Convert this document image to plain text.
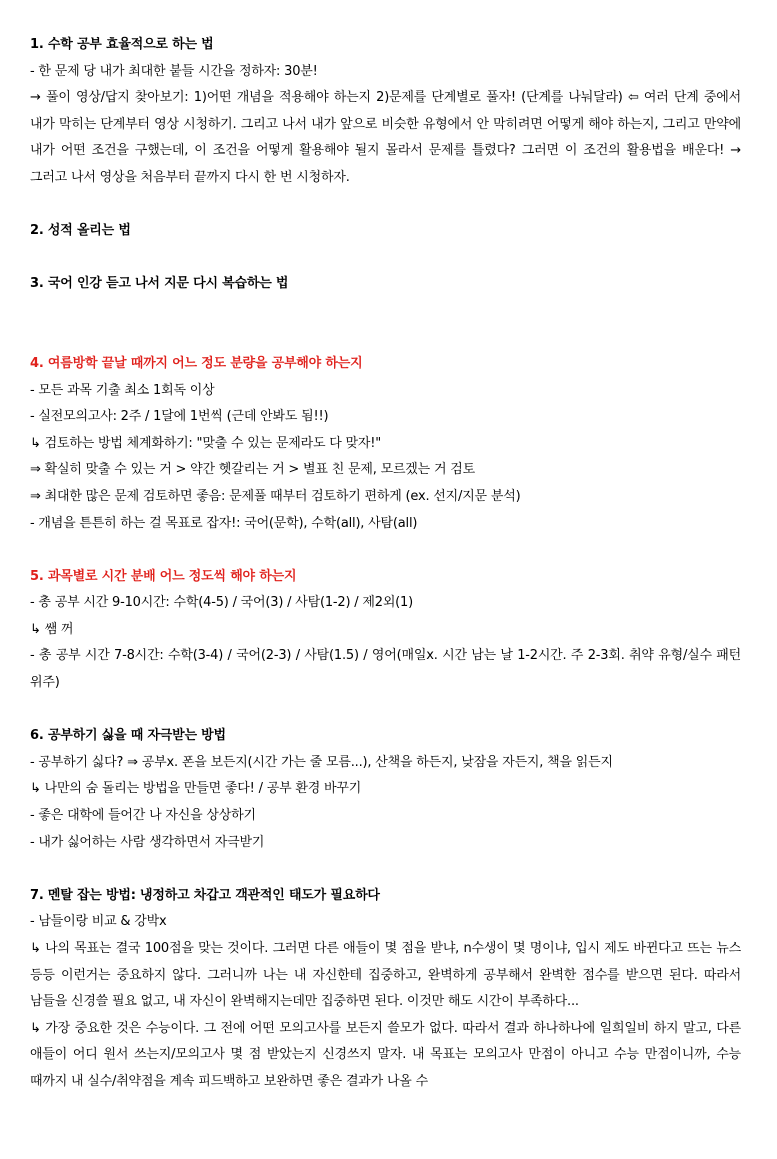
1. 수학 공부 효율적으로 하는 법
- 한 문제 당 내가 최대한 붙들 시간을 정하자: 30분!
→ 풀이 영상/답지 찾아보기: 1)어떤 개념을 적용해야 하는지 2)문제를 단계별로 풀자! (단계를 나눠달라) ⇦ 여러 단계 중에서 내가 막히는 단계부터 영상 시청하기. 그리고 나서 내가 앞으로 비슷한 유형에서 안 막히려면 어떻게 해야 하는지, 그리고 만약에 내가 어떤 조건을 구했는데, 이 조건을 어떻게 활용해야 될지 몰라서 문제를 틀렸다? 그러면 이 조건의 활용법을 배운다! → 그러고 나서 영상을 처음부터 끝까지 다시 한 번 시청하자.
2. 성적 올리는 법
3. 국어 인강 듣고 나서 지문 다시 복습하는 법
4. 여름방학 끝날 때까지 어느 정도 분량을 공부해야 하는지
- 모든 과목 기출 최소 1회독 이상
- 실전모의고사: 2주 / 1달에 1번씩 (근데 안봐도 됨!!)
↳ 검토하는 방법 체계화하기: "맞출 수 있는 문제라도 다 맞자!"
⇒ 확실히 맞출 수 있는 거 > 약간 헷갈리는 거 > 별표 친 문제, 모르겠는 거 검토
⇒ 최대한 많은 문제 검토하면 좋음: 문제풀 때부터 검토하기 편하게 (ex. 선지/지문 분석)
- 개념을 튼튼히 하는 걸 목표로 잡자!: 국어(문학), 수학(all), 사탐(all)
5. 과목별로 시간 분배 어느 정도씩 해야 하는지
- 총 공부 시간 9-10시간: 수학(4-5) / 국어(3) / 사탐(1-2) / 제2외(1)
↳ 쌤 꺼
- 총 공부 시간 7-8시간: 수학(3-4) / 국어(2-3) / 사탐(1.5) / 영어(매일x. 시간 남는 날 1-2시간. 주 2-3회. 취약 유형/실수 패턴 위주)
6. 공부하기 싫을 때 자극받는 방법
- 공부하기 싫다? ⇒ 공부x. 폰을 보든지(시간 가는 줄 모름...), 산책을 하든지, 낮잠을 자든지, 책을 읽든지
↳ 나만의 숨 돌리는 방법을 만들면 좋다! / 공부 환경 바꾸기
- 좋은 대학에 들어간 나 자신을 상상하기
- 내가 싫어하는 사람 생각하면서 자극받기
7. 멘탈 잡는 방법: 냉정하고 차갑고 객관적인 태도가 필요하다
- 남들이랑 비교 & 강박x
↳ 나의 목표는 결국 100점을 맞는 것이다. 그러면 다른 애들이 몇 점을 받냐, n수생이 몇 명이냐, 입시 제도 바뀐다고 뜨는 뉴스 등등 이런거는 중요하지 않다. 그러니까 나는 내 자신한테 집중하고, 완벽하게 공부해서 완벽한 점수를 받으면 된다. 따라서 남들을 신경쓸 필요 없고, 내 자신이 완벽해지는데만 집중하면 된다. 이것만 해도 시간이 부족하다...
↳ 가장 중요한 것은 수능이다. 그 전에 어떤 모의고사를 보든지 쓸모가 없다. 따라서 결과 하나하나에 일희일비 하지 말고, 다른 애들이 어디 원서 쓰는지/모의고사 몇 점 받았는지 신경쓰지 말자. 내 목표는 모의고사 만점이 아니고 수능 만점이니까, 수능 때까지 내 실수/취약점을 계속 피드백하고 보완하면 좋은 결과가 나올 수
